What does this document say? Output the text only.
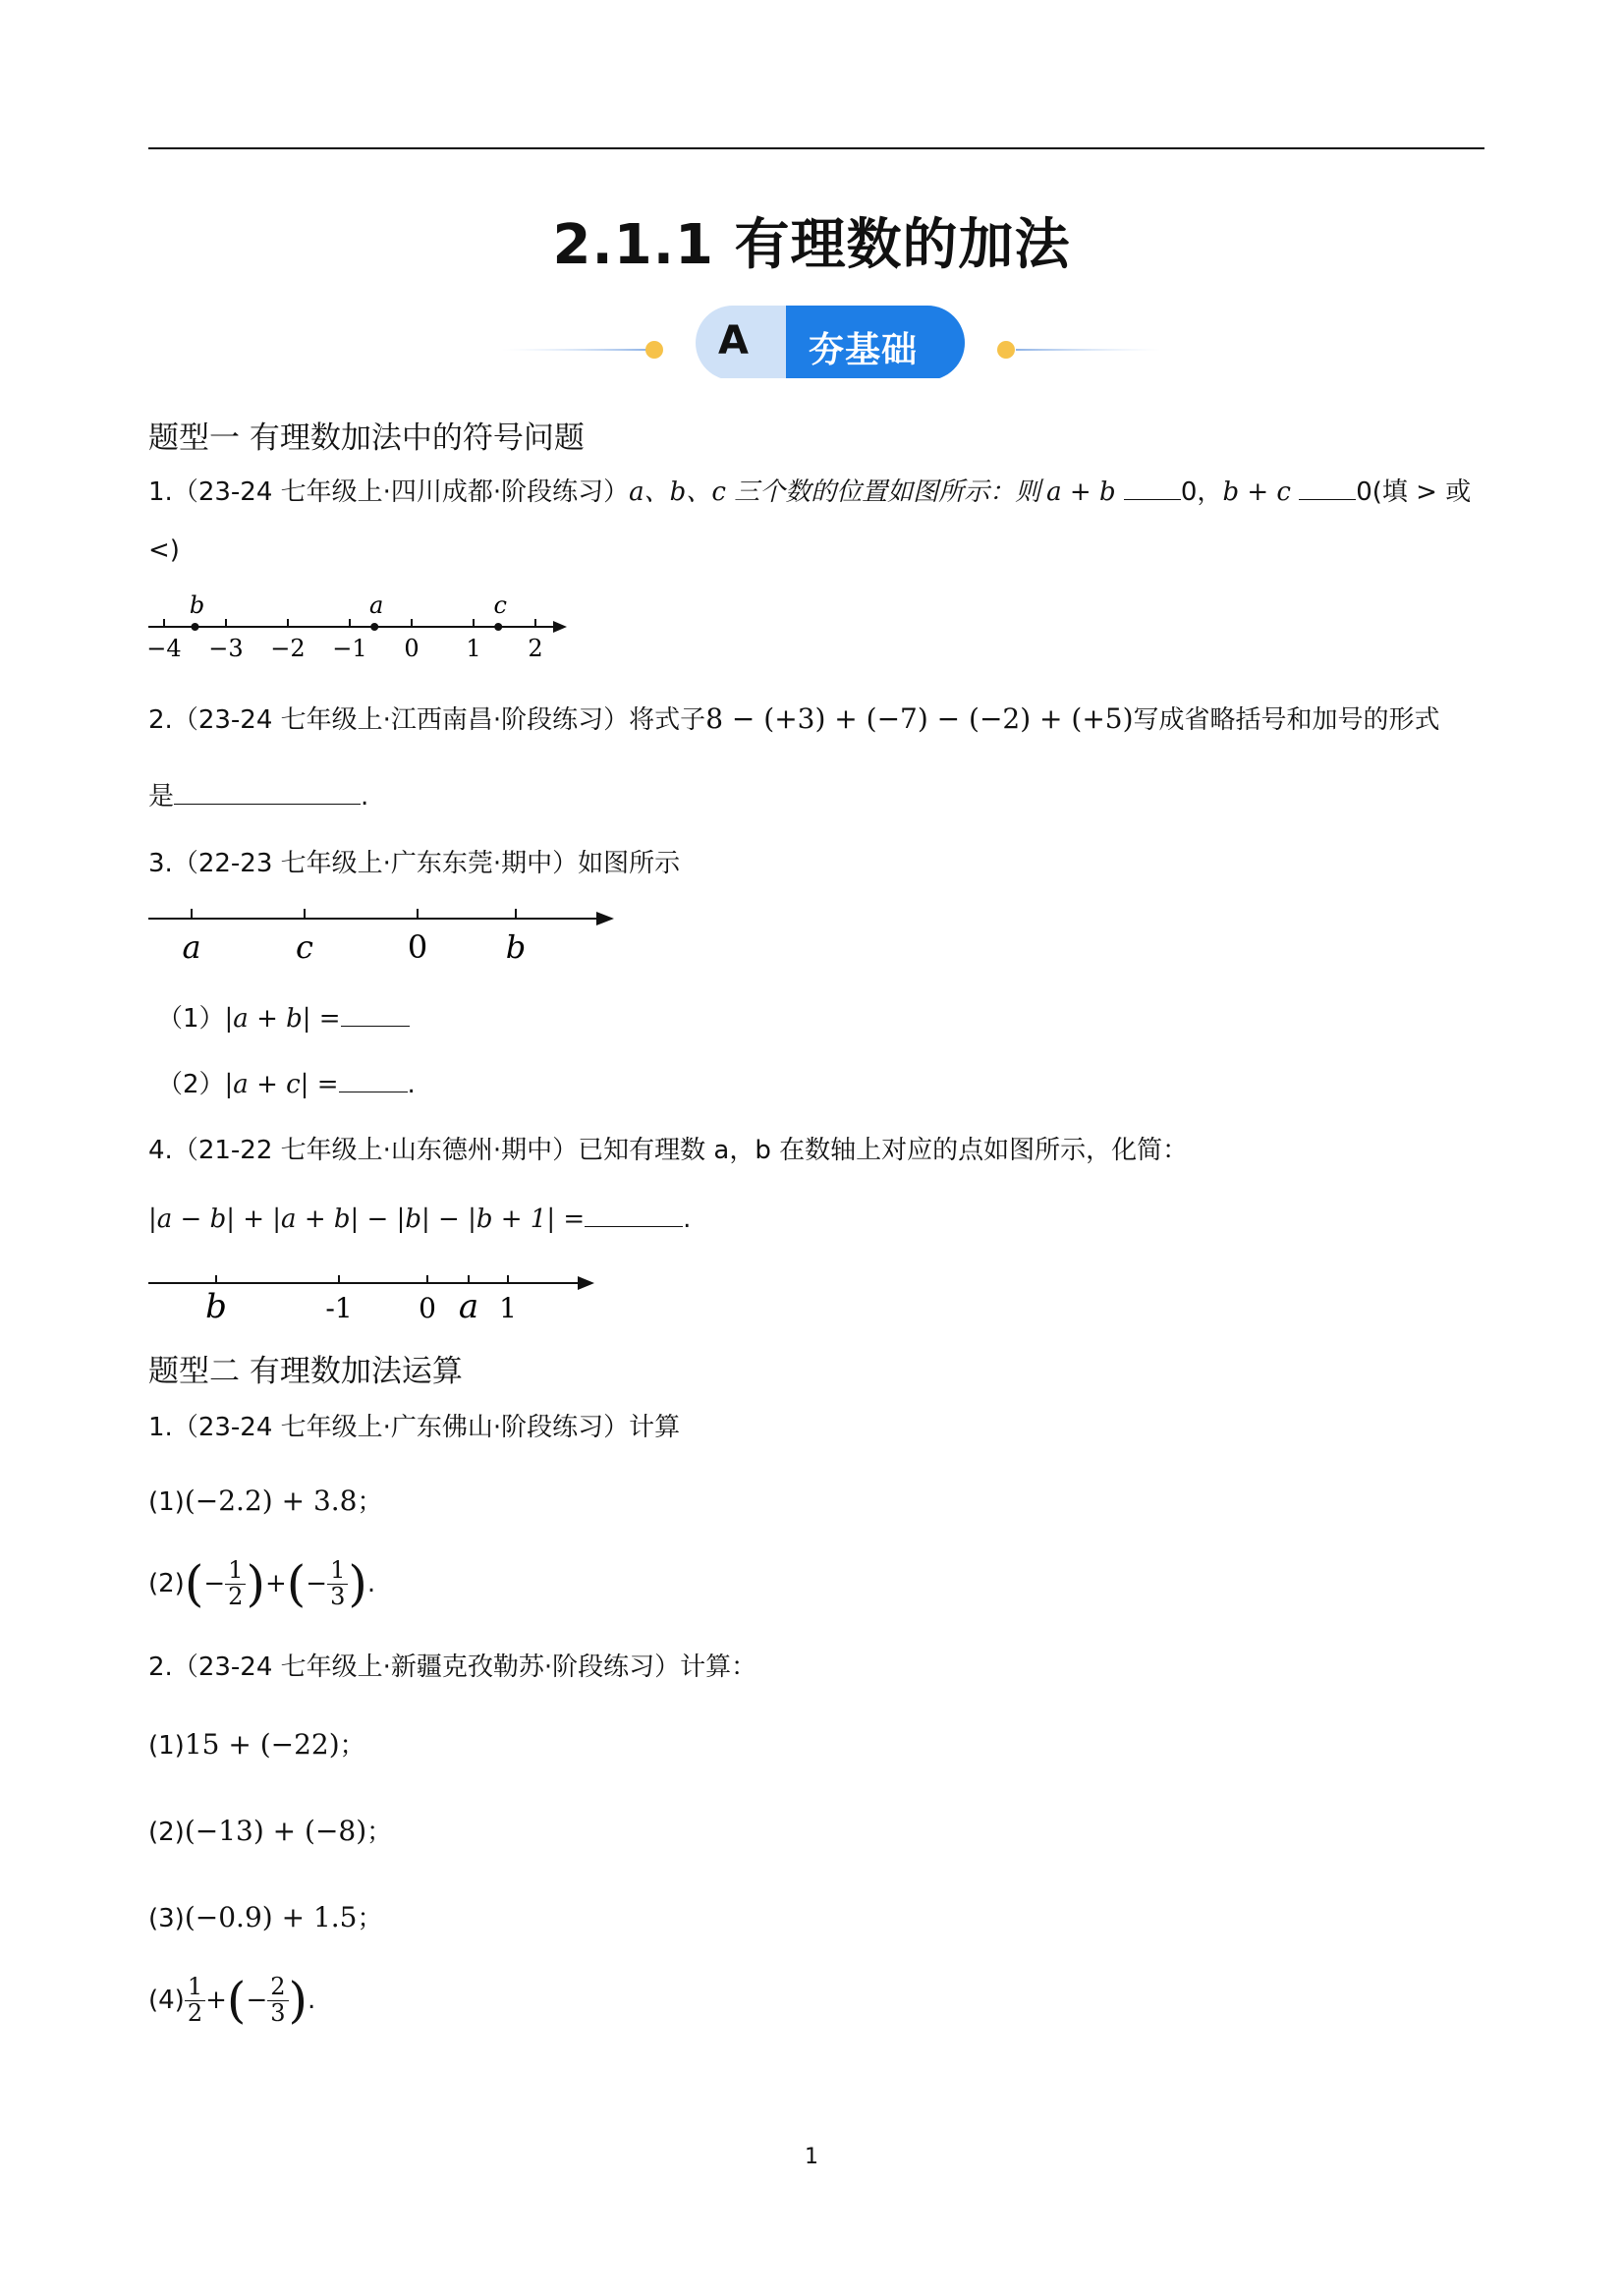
2.1.1 有理数的加法
A 夯基础
题型一 有理数加法中的符号问题
1.（23-24 七年级上·四川成都·阶段练习）a、b、c 三个数的位置如图所示：则 a + b	0，b + c	0(填 > 或
<)
−4 −3 −2 −1 0 1 2
b	a	c
2.（23-24 七年级上·江西南昌·阶段练习）将式子8 − (+3) + (−7) − (−2) + (+5)写成省略括号和加号的形式
是	.
3.（22-23 七年级上·广东东莞·期中）如图所示
a	c	0 b
（1）|a + b| =
（2）|a + c| =	.
4.（21-22 七年级上·山东德州·期中）已知有理数 a，b 在数轴上对应的点如图所示，化简：
|a − b| + |a + b| − |b| − |b + 1| =	.
b	-1 0 a 1
题型二 有理数加法运算
1.（23-24 七年级上·广东佛山·阶段练习）计算
(1)(−2.2) + 3.8；
(2) ( − $\frac{1}{2}$ ) + ( − $\frac{1}{3}$ ) .
2.（23-24 七年级上·新疆克孜勒苏·阶段练习）计算：
(1)15 + (−22)；
(2)(−13) + (−8)；
(3)(−0.9) + 1.5；
$(4) \frac{1}{2}$ + ( − $\frac{2}{3}$ ) .
1
